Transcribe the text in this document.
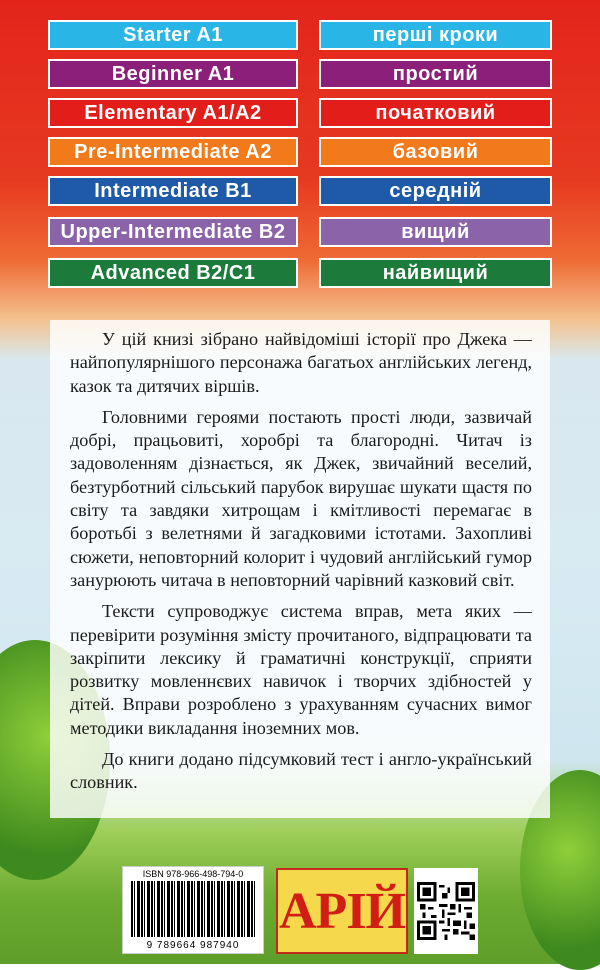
Starter A1	перші кроки
Beginner A1	простий
Elementary A1/A2	початковий
Pre-Intermediate A2	базовий
Intermediate B1	середній
Upper-Intermediate B2	вищий
Advanced B2/C1	найвищий

У цій книзі зібрано найвідоміші історії про Джека — найпопулярнішого персонажа багатьох англійських легенд, казок та дитячих віршів.

Головними героями постають прості люди, зазвичай добрі, працьовиті, хоробрі та благородні. Читач із задоволенням дізнається, як Джек, звичайний веселий, безтурботний сільський парубок вирушає шукати щастя по світу та завдяки хитрощам і кмітливості перемагає в боротьбі з велетнями й загадковими істотами. Захопливі сюжети, неповторний колорит і чудовий англійський гумор занурюють читача в неповторний чарівний казковий світ.

Тексти супроводжує система вправ, мета яких — перевірити розуміння змісту прочитаного, відпрацювати та закріпити лексику й граматичні конструкції, сприяти розвитку мовленнєвих навичок і творчих здібностей у дітей. Вправи розроблено з урахуванням сучасних вимог методики викладання іноземних мов.

До книги додано підсумковий тест і англо-український словник.

ISBN 978-966-498-794-0
9 789664 987940
АРІЙ
